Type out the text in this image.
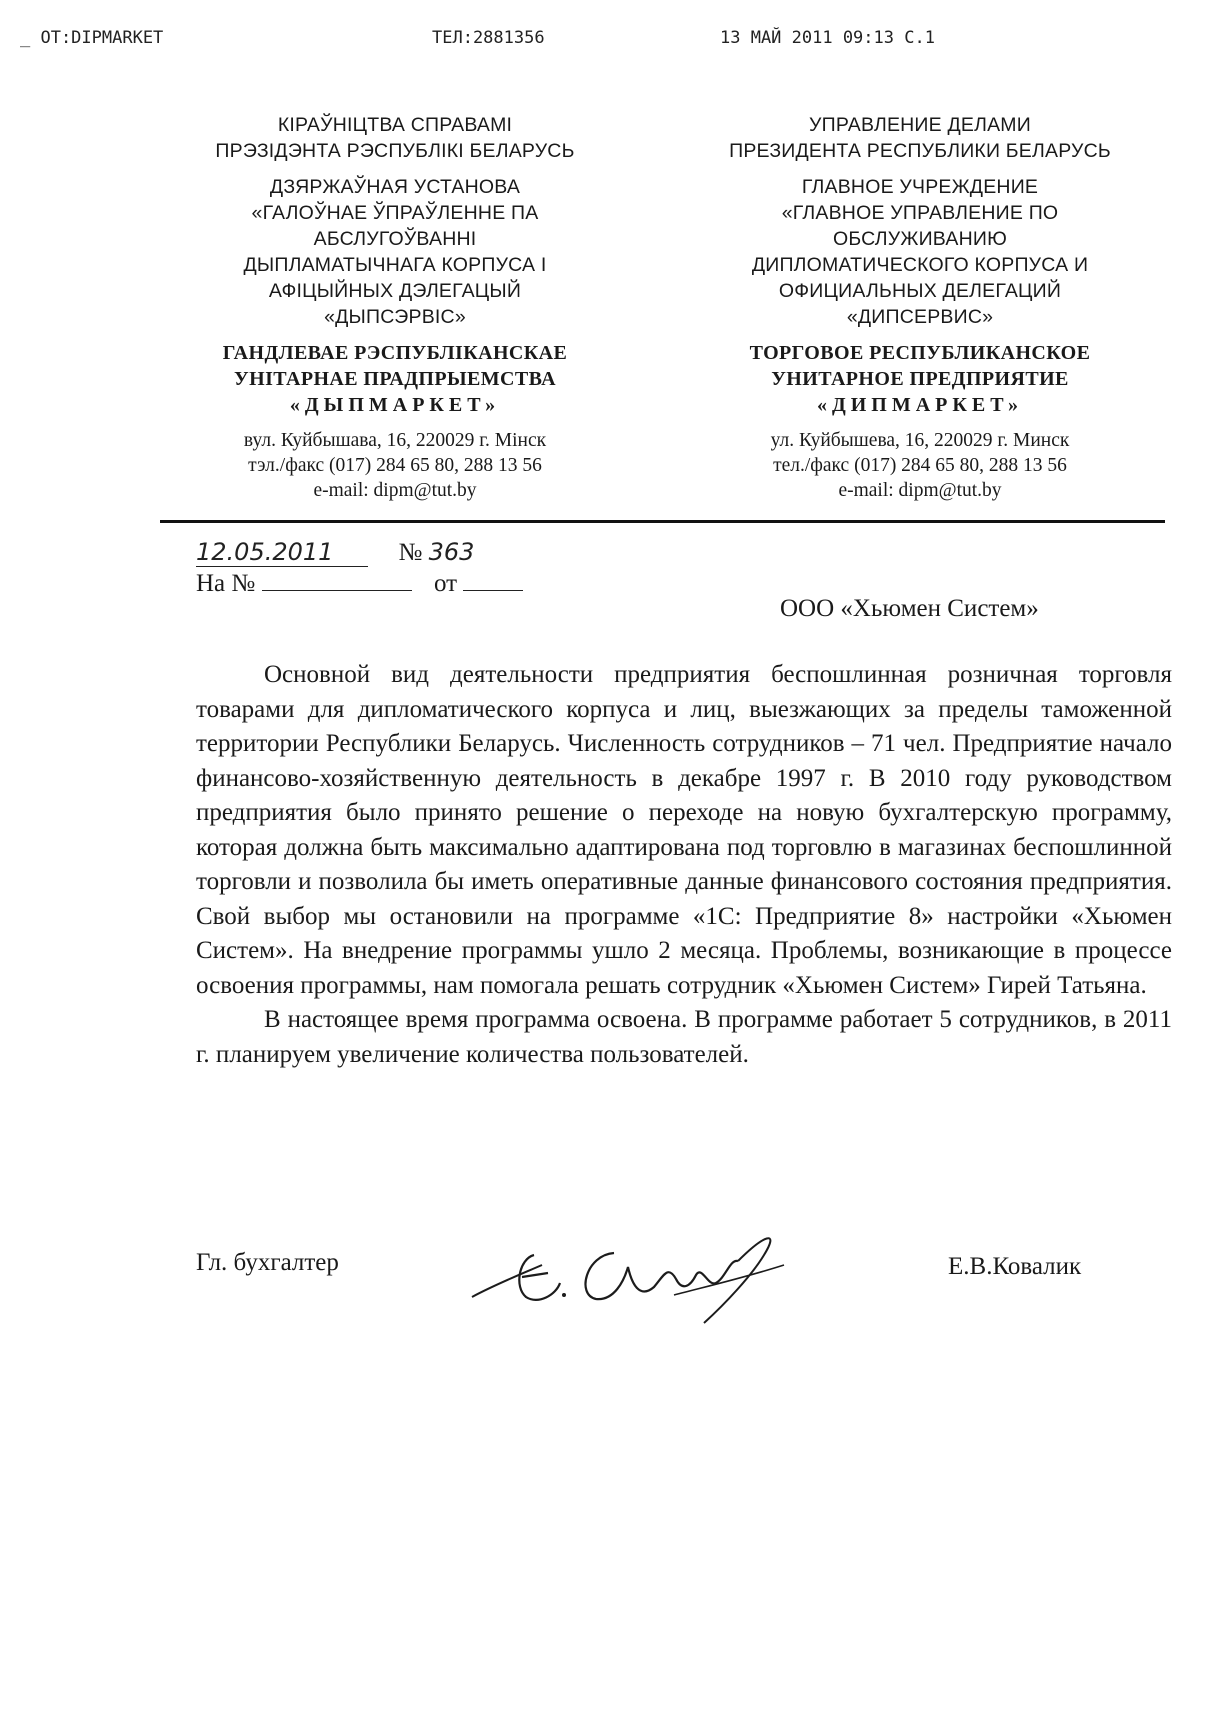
_ OT:DIPMARKET	ТЕЛ:2881356	13 МАЙ 2011 09:13 С.1
КІРАЎНІЦТВА СПРАВАМІ
ПРЭЗІДЭНТА РЭСПУБЛІКІ БЕЛАРУСЬ
ДЗЯРЖАЎНАЯ УСТАНОВА
«ГАЛОЎНАЕ ЎПРАЎЛЕННЕ ПА
АБСЛУГОЎВАННІ
ДЫПЛАМАТЫЧНАГА КОРПУСА І
АФІЦЫЙНЫХ ДЭЛЕГАЦЫЙ
«ДЫПСЭРВІС»
ГАНДЛЕВАЕ РЭСПУБЛІКАНСКАЕ
УНІТАРНАЕ ПРАДПРЫЕМСТВА
«ДЫПМАРКЕТ»
вул. Куйбышава, 16, 220029 г. Мінск
тэл./факс (017) 284 65 80, 288 13 56
e-mail: dipm@tut.by
УПРАВЛЕНИЕ ДЕЛАМИ
ПРЕЗИДЕНТА РЕСПУБЛИКИ БЕЛАРУСЬ
ГЛАВНОЕ УЧРЕЖДЕНИЕ
«ГЛАВНОЕ УПРАВЛЕНИЕ ПО
ОБСЛУЖИВАНИЮ
ДИПЛОМАТИЧЕСКОГО КОРПУСА И
ОФИЦИАЛЬНЫХ ДЕЛЕГАЦИЙ
«ДИПСЕРВИС»
ТОРГОВОЕ РЕСПУБЛИКАНСКОЕ
УНИТАРНОЕ ПРЕДПРИЯТИЕ
«ДИПМАРКЕТ»
ул. Куйбышева, 16, 220029 г. Минск
тел./факс (017) 284 65 80, 288 13 56
e-mail: dipm@tut.by
12.05.2011	№ 363
На №	от
ООО «Хьюмен Систем»

Основной вид деятельности предприятия беспошлинная розничная торговля товарами для дипломатического корпуса и лиц, выезжающих за пределы таможенной территории Республики Беларусь. Численность сотрудников – 71 чел. Предприятие начало финансово-хозяйственную деятельность в декабре 1997 г. В 2010 году руководством предприятия было принято решение о переходе на новую бухгалтерскую программу, которая должна быть максимально адаптирована под торговлю в магазинах беспошлинной торговли и позволила бы иметь оперативные данные финансового состояния предприятия. Свой выбор мы остановили на программе «1С: Предприятие 8» настройки «Хьюмен Систем». На внедрение программы ушло 2 месяца. Проблемы, возникающие в процессе освоения программы, нам помогала решать сотрудник «Хьюмен Систем» Гирей Татьяна.

В настоящее время программа освоена. В программе работает 5 сотрудников, в 2011 г. планируем увеличение количества пользователей.

Гл. бухгалтер	Е.В.Ковалик
